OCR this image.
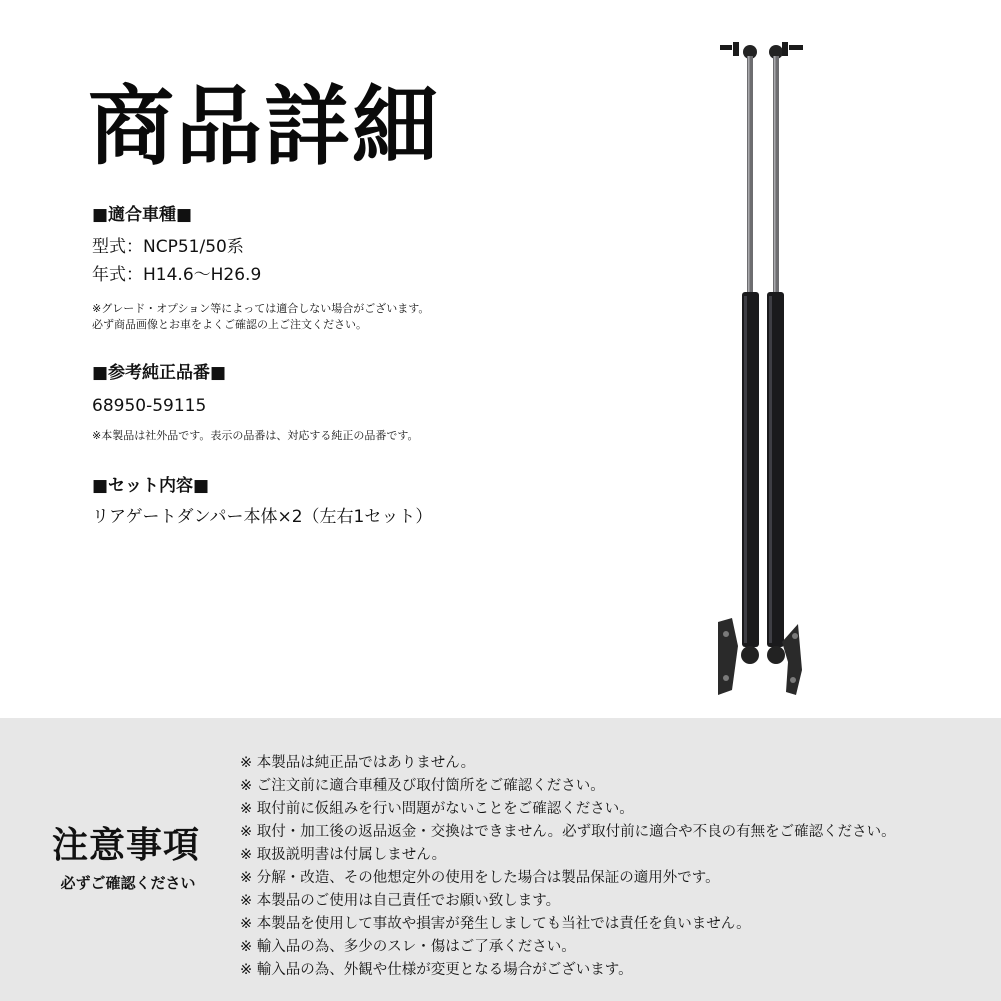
商品詳細

■適合車種■

型式：NCP51/50系

年式：H14.6〜H26.9

※グレード・オプション等によっては適合しない場合がございます。

必ず商品画像とお車をよくご確認の上ご注文ください。

■参考純正品番■

68950-59115

※本製品は社外品です。表示の品番は、対応する純正の品番です。

■セット内容■

リアゲートダンパー本体×2（左右1セット）

注意事項

必ずご確認ください

※ 本製品は純正品ではありません。
※ ご注文前に適合車種及び取付箇所をご確認ください。
※ 取付前に仮組みを行い問題がないことをご確認ください。
※ 取付・加工後の返品返金・交換はできません。必ず取付前に適合や不良の有無をご確認ください。
※ 取扱説明書は付属しません。
※ 分解・改造、その他想定外の使用をした場合は製品保証の適用外です。
※ 本製品のご使用は自己責任でお願い致します。
※ 本製品を使用して事故や損害が発生しましても当社では責任を負いません。
※ 輸入品の為、多少のスレ・傷はご了承ください。
※ 輸入品の為、外観や仕様が変更となる場合がございます。
